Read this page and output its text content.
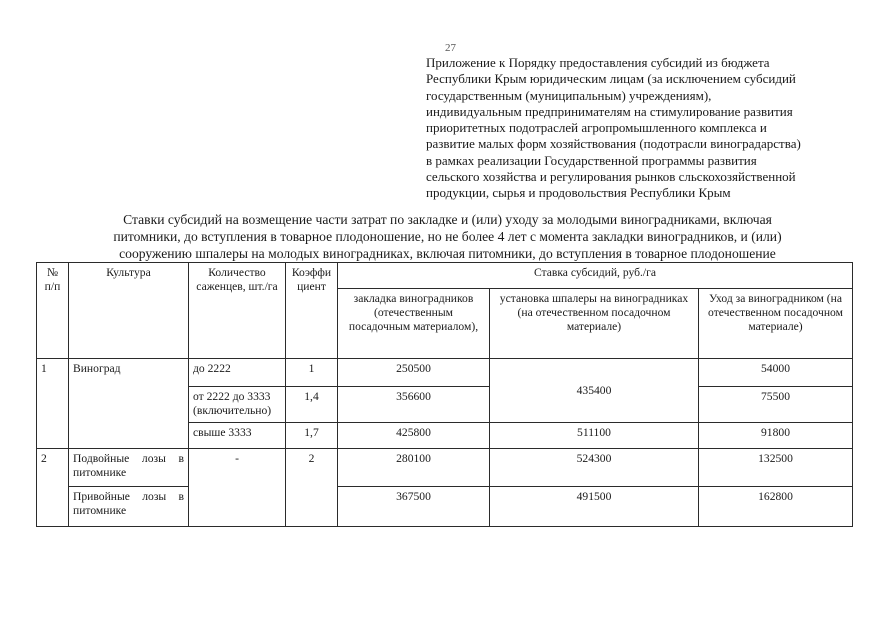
27
Приложение к Порядку предоставления субсидий из бюджета
Республики Крым юридическим лицам (за исключением субсидий
государственным (муниципальным) учреждениям),
индивидуальным предпринимателям на стимулирование развития
приоритетных подотраслей агропромышленного комплекса и
развитие малых форм хозяйствования (подотрасли виноградарства)
в рамках реализации Государственной программы развития
сельского хозяйства и регулирования рынков сльскохозяйственной
продукции, сырья и продовольствия Республики Крым
Ставки субсидий на возмещение части затрат по закладке и (или) уходу за молодыми виноградниками, включая
питомники, до вступления в товарное плодоношение, но не более 4 лет с момента закладки виноградников, и (или)
сооружению шпалеры на молодых виноградниках, включая питомники, до вступления в товарное плодоношение
№ п/п	Культура	Количество саженцев, шт./га	Коэффи циент	Ставка субсидий, руб./га		
				закладка виноградников (отечественным посадочным материалом),	установка шпалеры на виноградниках (на отечественном посадочном материале)	Уход за виноградником (на отечественном посадочном материале)
1	Виноград	до 2222	1	250500	435400	54000
		от 2222 до 3333 (включительно)	1,4	356600		75500
		свыше 3333	1,7	425800	511100	91800
2	Подвойные лозы в питомнике	-	2	280100	524300	132500
	Привойные лозы в питомнике			367500	491500	162800
